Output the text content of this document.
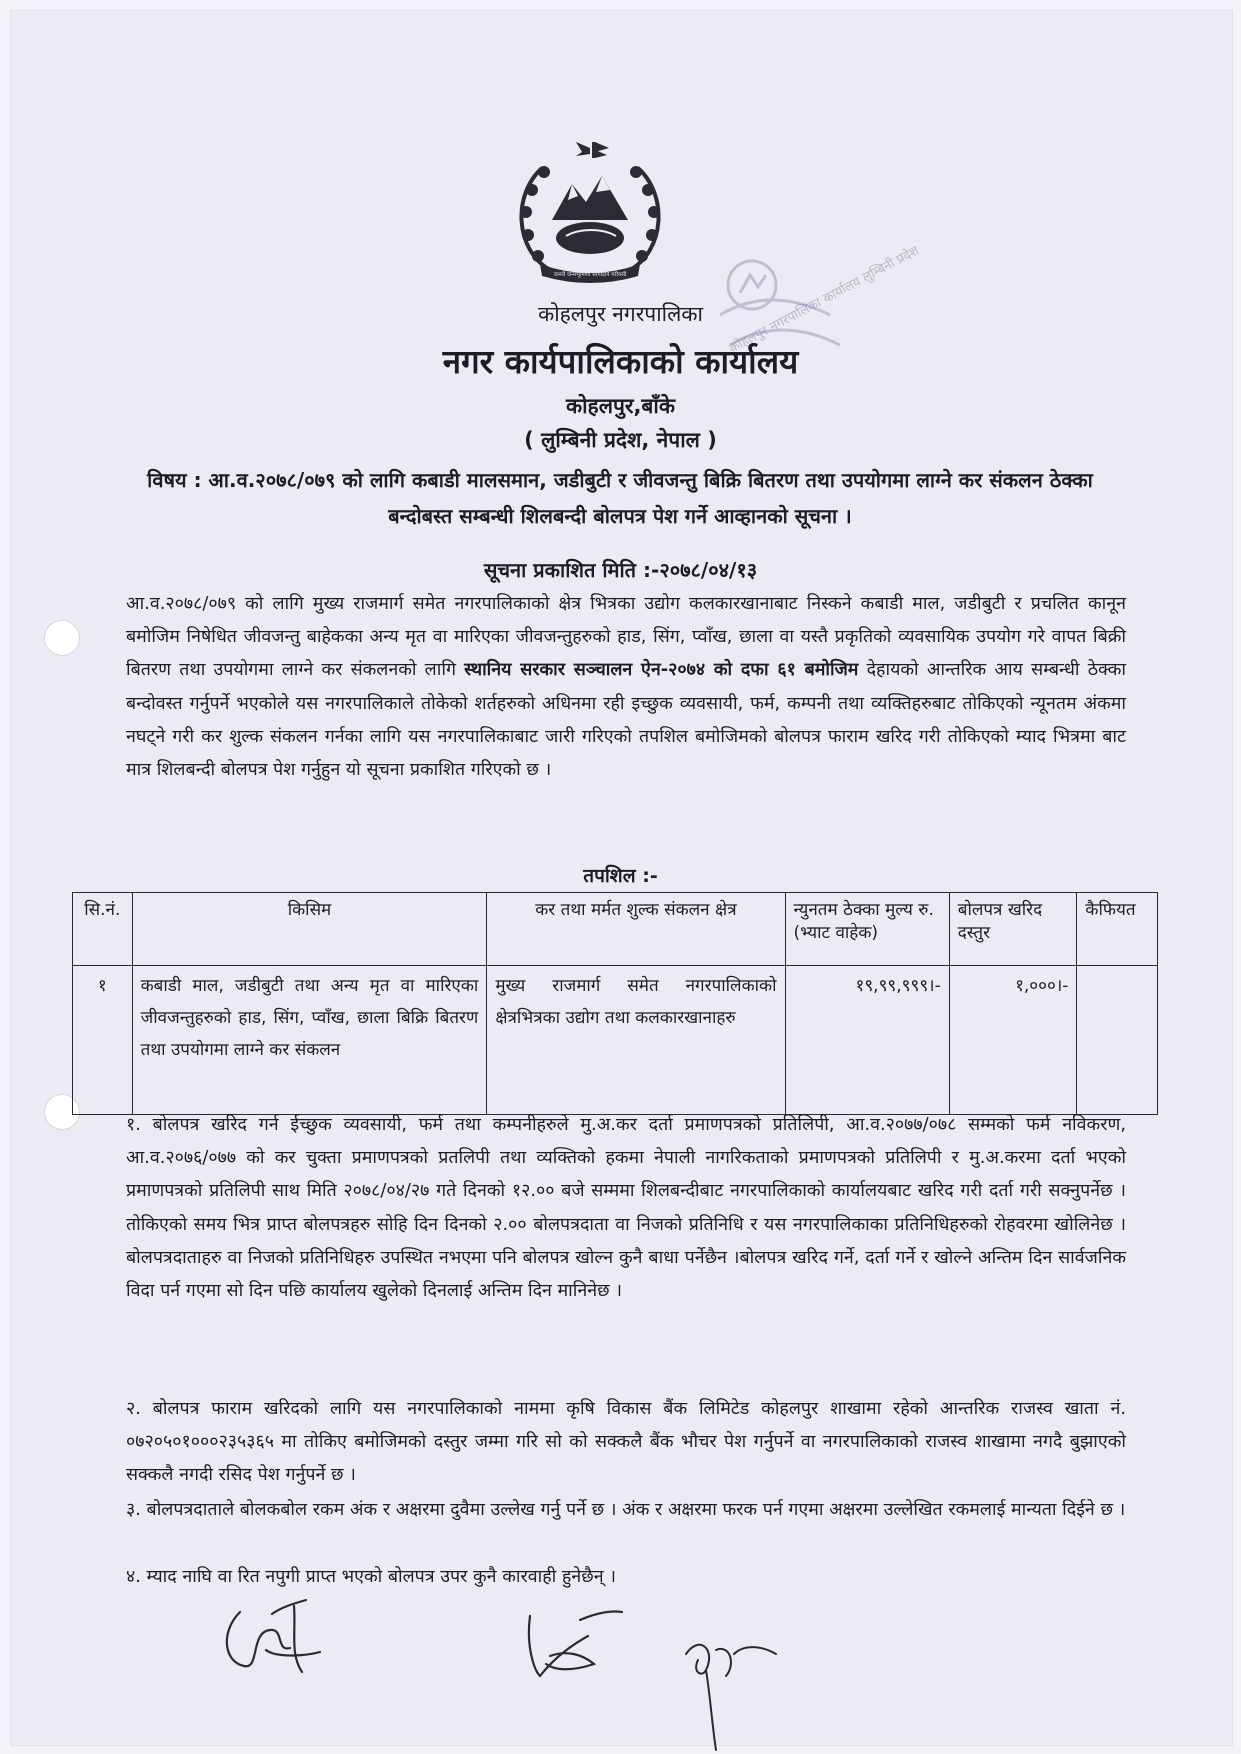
जननी जन्मभूमिश्च स्वर्गादपि गरीयसी	कोहलपुर नगरपालिका कार्यालय लुम्बिनी प्रदेश
कोहलपुर नगरपालिका
नगर कार्यपालिकाको कार्यालय
कोहलपुर,बाँके
( लुम्बिनी प्रदेश, नेपाल )
विषय : आ.व.२०७८/०७९ को लागि कबाडी मालसमान, जडीबुटी र जीवजन्तु बिक्रि बितरण तथा उपयोगमा लाग्ने कर संकलन ठेक्का बन्दोबस्त सम्बन्धी शिलबन्दी बोलपत्र पेश गर्ने आव्हानको सूचना ।
सूचना प्रकाशित मिति :-२०७८/०४/१३

आ.व.२०७८/०७९ को लागि मुख्य राजमार्ग समेत नगरपालिकाको क्षेत्र भित्रका उद्योग कलकारखानाबाट निस्कने कबाडी माल, जडीबुटी र प्रचलित कानून बमोजिम निषेधित जीवजन्तु बाहेकका अन्य मृत वा मारिएका जीवजन्तुहरुको हाड, सिंग, प्वाँख, छाला वा यस्तै प्रकृतिको व्यवसायिक उपयोग गरे वापत बिक्री बितरण तथा उपयोगमा लाग्ने कर संकलनको लागि स्थानिय सरकार सञ्चालन ऐन-२०७४ को दफा ६१ बमोजिम देहायको आन्तरिक आय सम्बन्धी ठेक्का बन्दोवस्त गर्नुपर्ने भएकोले यस नगरपालिकाले तोकेको शर्तहरुको अधिनमा रही इच्छुक व्यवसायी, फर्म, कम्पनी तथा व्यक्तिहरुबाट तोकिएको न्यूनतम अंकमा नघट्ने गरी कर शुल्क संकलन गर्नका लागि यस नगरपालिकाबाट जारी गरिएको तपशिल बमोजिमको बोलपत्र फाराम खरिद गरी तोकिएको म्याद भित्रमा बाट मात्र शिलबन्दी बोलपत्र पेश गर्नुहुन यो सूचना प्रकाशित गरिएको छ ।

तपशिल :-
सि.नं.	किसिम	कर तथा मर्मत शुल्क संकलन क्षेत्र	न्युनतम ठेक्का मुल्य रु. (भ्याट वाहेक)	बोलपत्र खरिद दस्तुर	कैफियत
१	कबाडी माल, जडीबुटी तथा अन्य मृत वा मारिएका जीवजन्तुहरुको हाड, सिंग, प्वाँख, छाला बिक्रि बितरण तथा उपयोगमा लाग्ने कर संकलन	मुख्य राजमार्ग समेत नगरपालिकाको क्षेत्रभित्रका उद्योग तथा कलकारखानाहरु	१९,९९,९९९।-	१,०००।-	

१. बोलपत्र खरिद गर्न ईच्छुक व्यवसायी, फर्म तथा कम्पनीहरुले मु.अ.कर दर्ता प्रमाणपत्रको प्रतिलिपी, आ.व.२०७७/०७८ सम्मको फर्म नविकरण, आ.व.२०७६/०७७ को कर चुक्ता प्रमाणपत्रको प्रतलिपी तथा व्यक्तिको हकमा नेपाली नागरिकताको प्रमाणपत्रको प्रतिलिपी र मु.अ.करमा दर्ता भएको प्रमाणपत्रको प्रतिलिपी साथ मिति २०७८/०४/२७ गते दिनको १२.०० बजे सम्ममा शिलबन्दीबाट नगरपालिकाको कार्यालयबाट खरिद गरी दर्ता गरी सक्नुपर्नेछ । तोकिएको समय भित्र प्राप्त बोलपत्रहरु सोहि दिन दिनको २.०० बोलपत्रदाता वा निजको प्रतिनिधि र यस नगरपालिकाका प्रतिनिधिहरुको रोहवरमा खोलिनेछ । बोलपत्रदाताहरु वा निजको प्रतिनिधिहरु उपस्थित नभएमा पनि बोलपत्र खोल्न कुनै बाधा पर्नेछैन ।बोलपत्र खरिद गर्ने, दर्ता गर्ने र खोल्ने अन्तिम दिन सार्वजनिक विदा पर्न गएमा सो दिन पछि कार्यालय खुलेको दिनलाई अन्तिम दिन मानिनेछ ।

२. बोलपत्र फाराम खरिदको लागि यस नगरपालिकाको नाममा कृषि विकास बैंक लिमिटेड कोहलपुर शाखामा रहेको आन्तरिक राजस्व खाता नं. ०७२०५०१०००२३५३६५ मा तोकिए बमोजिमको दस्तुर जम्मा गरि सो को सक्कलै बैंक भौचर पेश गर्नुपर्ने वा नगरपालिकाको राजस्व शाखामा नगदै बुझाएको सक्कलै नगदी रसिद पेश गर्नुपर्ने छ ।

३. बोलपत्रदाताले बोलकबोल रकम अंक र अक्षरमा दुवैमा उल्लेख गर्नु पर्ने छ । अंक र अक्षरमा फरक पर्न गएमा अक्षरमा उल्लेखित रकमलाई मान्यता दिईने छ ।

४. म्याद नाघि वा रित नपुगी प्राप्त भएको बोलपत्र उपर कुनै कारवाही हुनेछैन् ।
